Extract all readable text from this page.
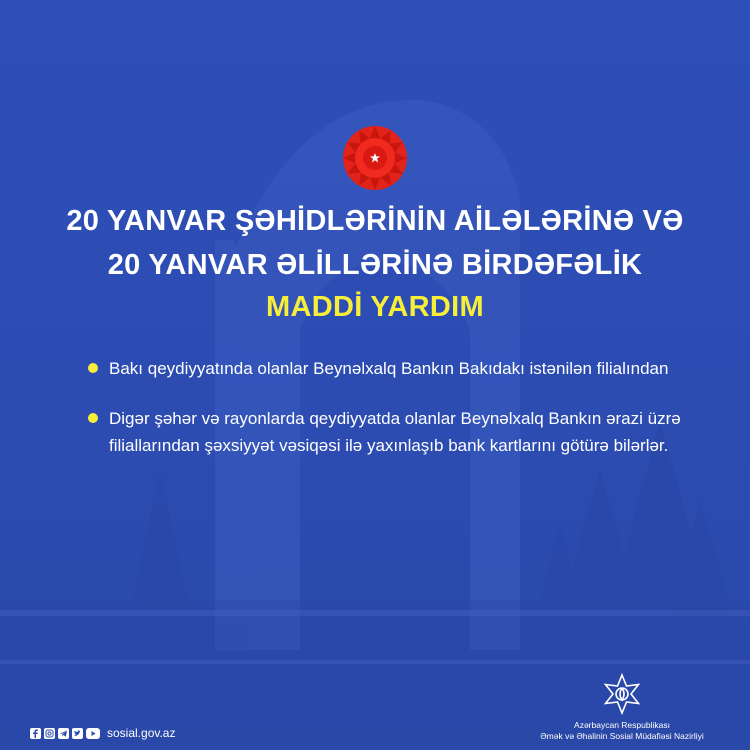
20 YANVAR ŞƏHİDLƏRİNİN AİLƏLƏRİNƏ VƏ
20 YANVAR ƏLİLLƏRİNƏ BİRDƏFƏLİK
MADDİ YARDIM
Bakı qeydiyyatında olanlar Beynəlxalq Bankın Bakıdakı istənilən filialından
Digər şəhər və rayonlarda qeydiyyatda olanlar Beynəlxalq Bankın ərazi üzrə filiallarından şəxsiyyət vəsiqəsi ilə yaxınlaşıb bank kartlarını götürə bilərlər.
sosial.gov.az
Azərbaycan Respublikası
Əmək və Əhalinin Sosial Müdafiəsi Nazirliyi
